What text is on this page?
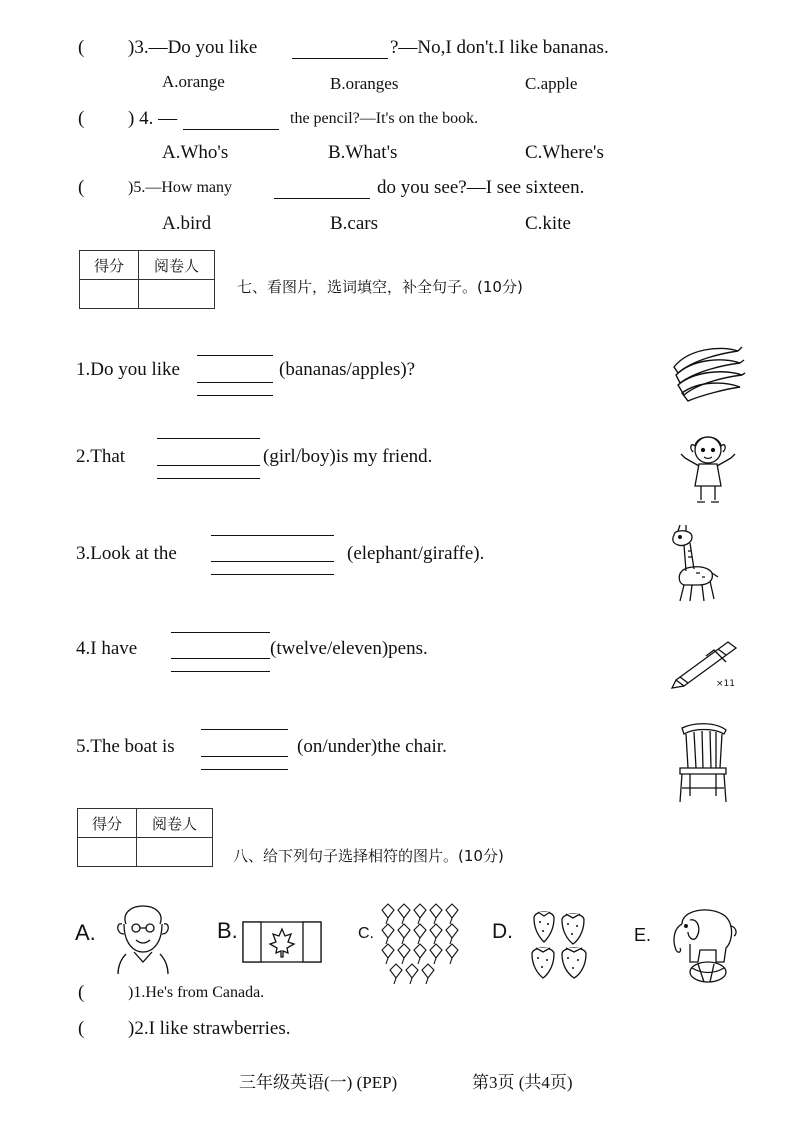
( )3.—Do you like	?—No,I don't.I like bananas.
A.orange	B.oranges	C.apple
( ) 4. —	the pencil?—It's on the book.
A.Who's	B.What's	C.Where's
(	)5.—How many	do you see?—I see sixteen.
A.bird	B.cars	C.kite
得分	阅卷人

七、看图片，选词填空，补全句子。(10分)
1.Do you like	(bananas/apples)?
2.That	(girl/boy)is my friend.
3.Look at the	(elephant/giraffe).
4.I have	(twelve/eleven)pens.
5.The boat is	(on/under)the chair.
×11
得分	阅卷人

八、给下列句子选择相符的图片。(10分)
A.	B.	C.	D.	E.
(	)1.He's from Canada.
( )2.I like strawberries.
三年级英语(一) (PEP)	第3页 (共4页)
